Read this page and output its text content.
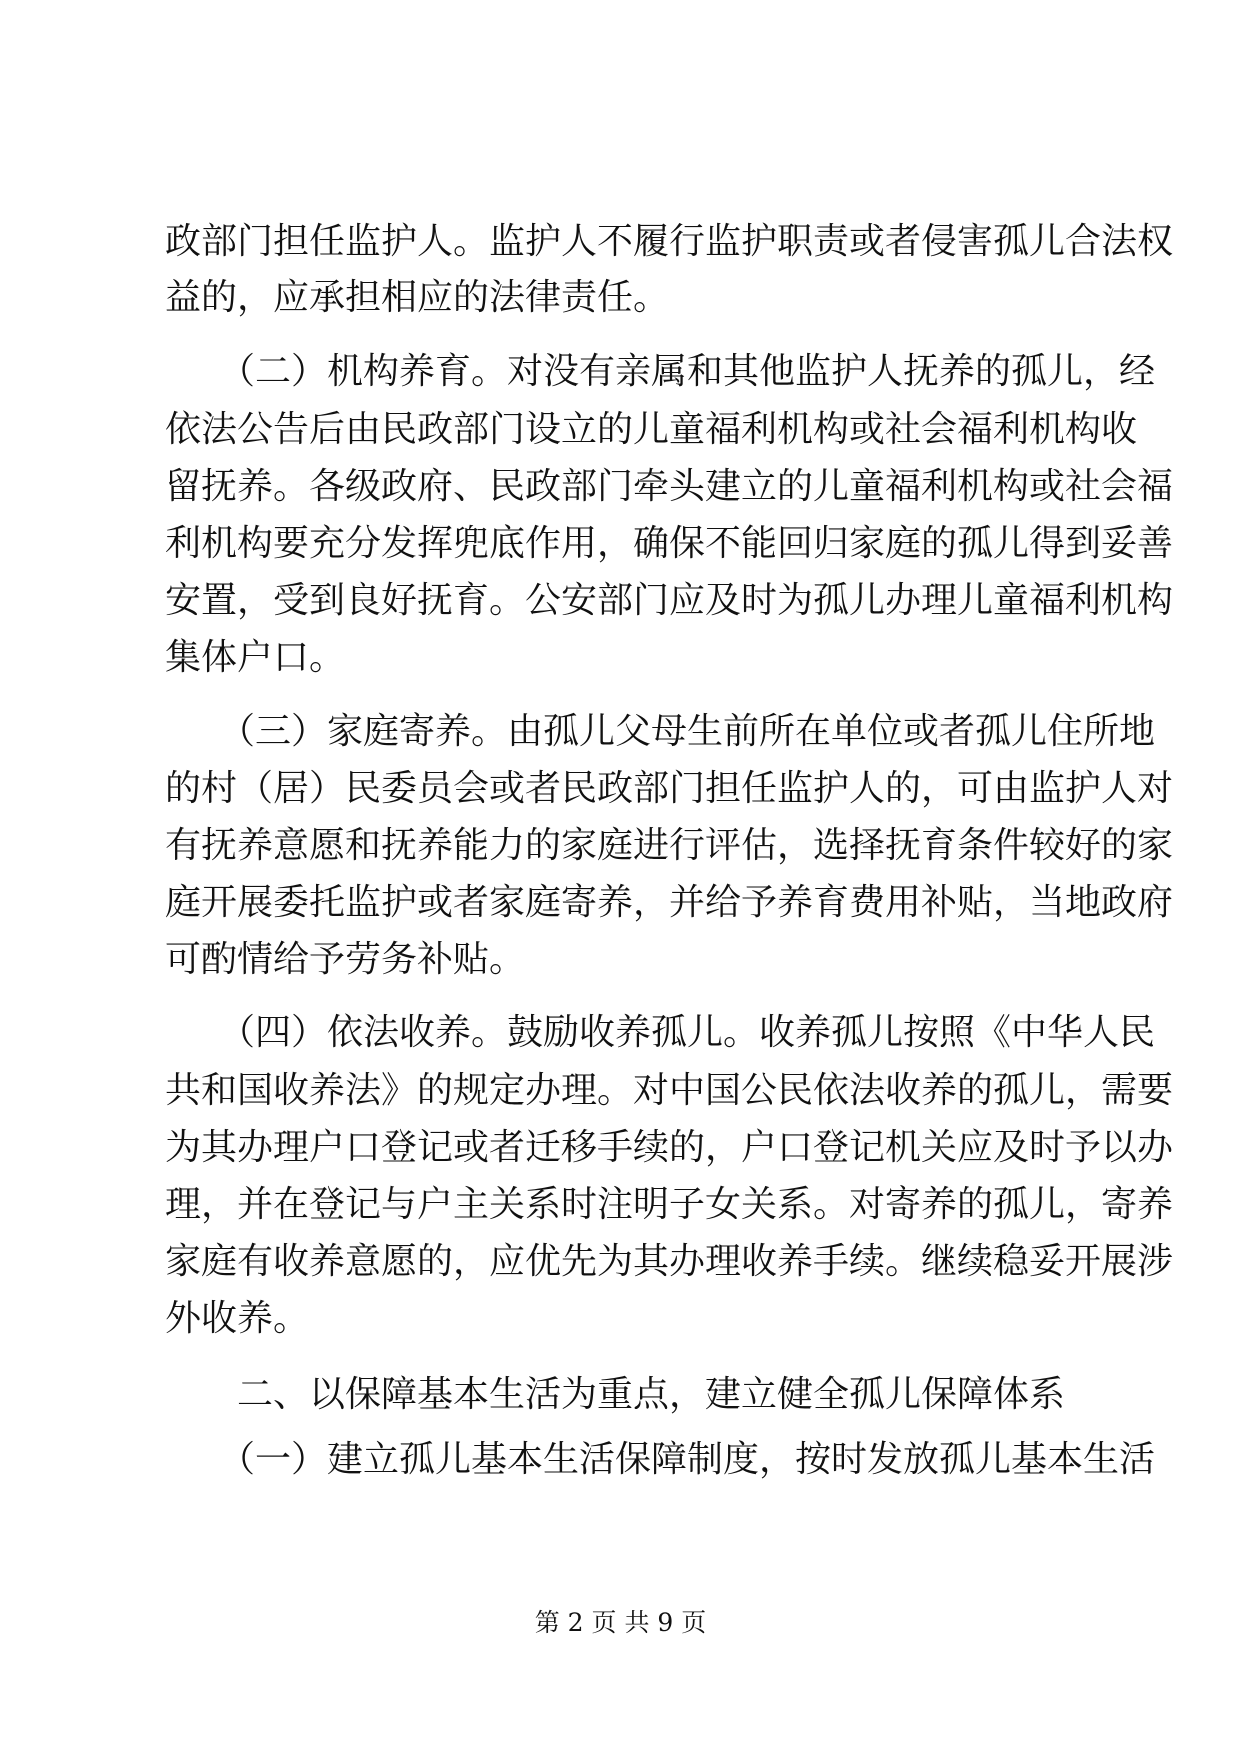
政部门担任监护人。监护人不履行监护职责或者侵害孤儿合法权
益的，应承担相应的法律责任。
　　（二）机构养育。对没有亲属和其他监护人抚养的孤儿，经
依法公告后由民政部门设立的儿童福利机构或社会福利机构收
留抚养。各级政府、民政部门牵头建立的儿童福利机构或社会福
利机构要充分发挥兜底作用，确保不能回归家庭的孤儿得到妥善
安置，受到良好抚育。公安部门应及时为孤儿办理儿童福利机构
集体户口。
　　（三）家庭寄养。由孤儿父母生前所在单位或者孤儿住所地
的村（居）民委员会或者民政部门担任监护人的，可由监护人对
有抚养意愿和抚养能力的家庭进行评估，选择抚育条件较好的家
庭开展委托监护或者家庭寄养，并给予养育费用补贴，当地政府
可酌情给予劳务补贴。
　　（四）依法收养。鼓励收养孤儿。收养孤儿按照《中华人民
共和国收养法》的规定办理。对中国公民依法收养的孤儿，需要
为其办理户口登记或者迁移手续的，户口登记机关应及时予以办
理，并在登记与户主关系时注明子女关系。对寄养的孤儿，寄养
家庭有收养意愿的，应优先为其办理收养手续。继续稳妥开展涉
外收养。
　　二、以保障基本生活为重点，建立健全孤儿保障体系
　　（一）建立孤儿基本生活保障制度，按时发放孤儿基本生活
第 2 页 共 9 页
